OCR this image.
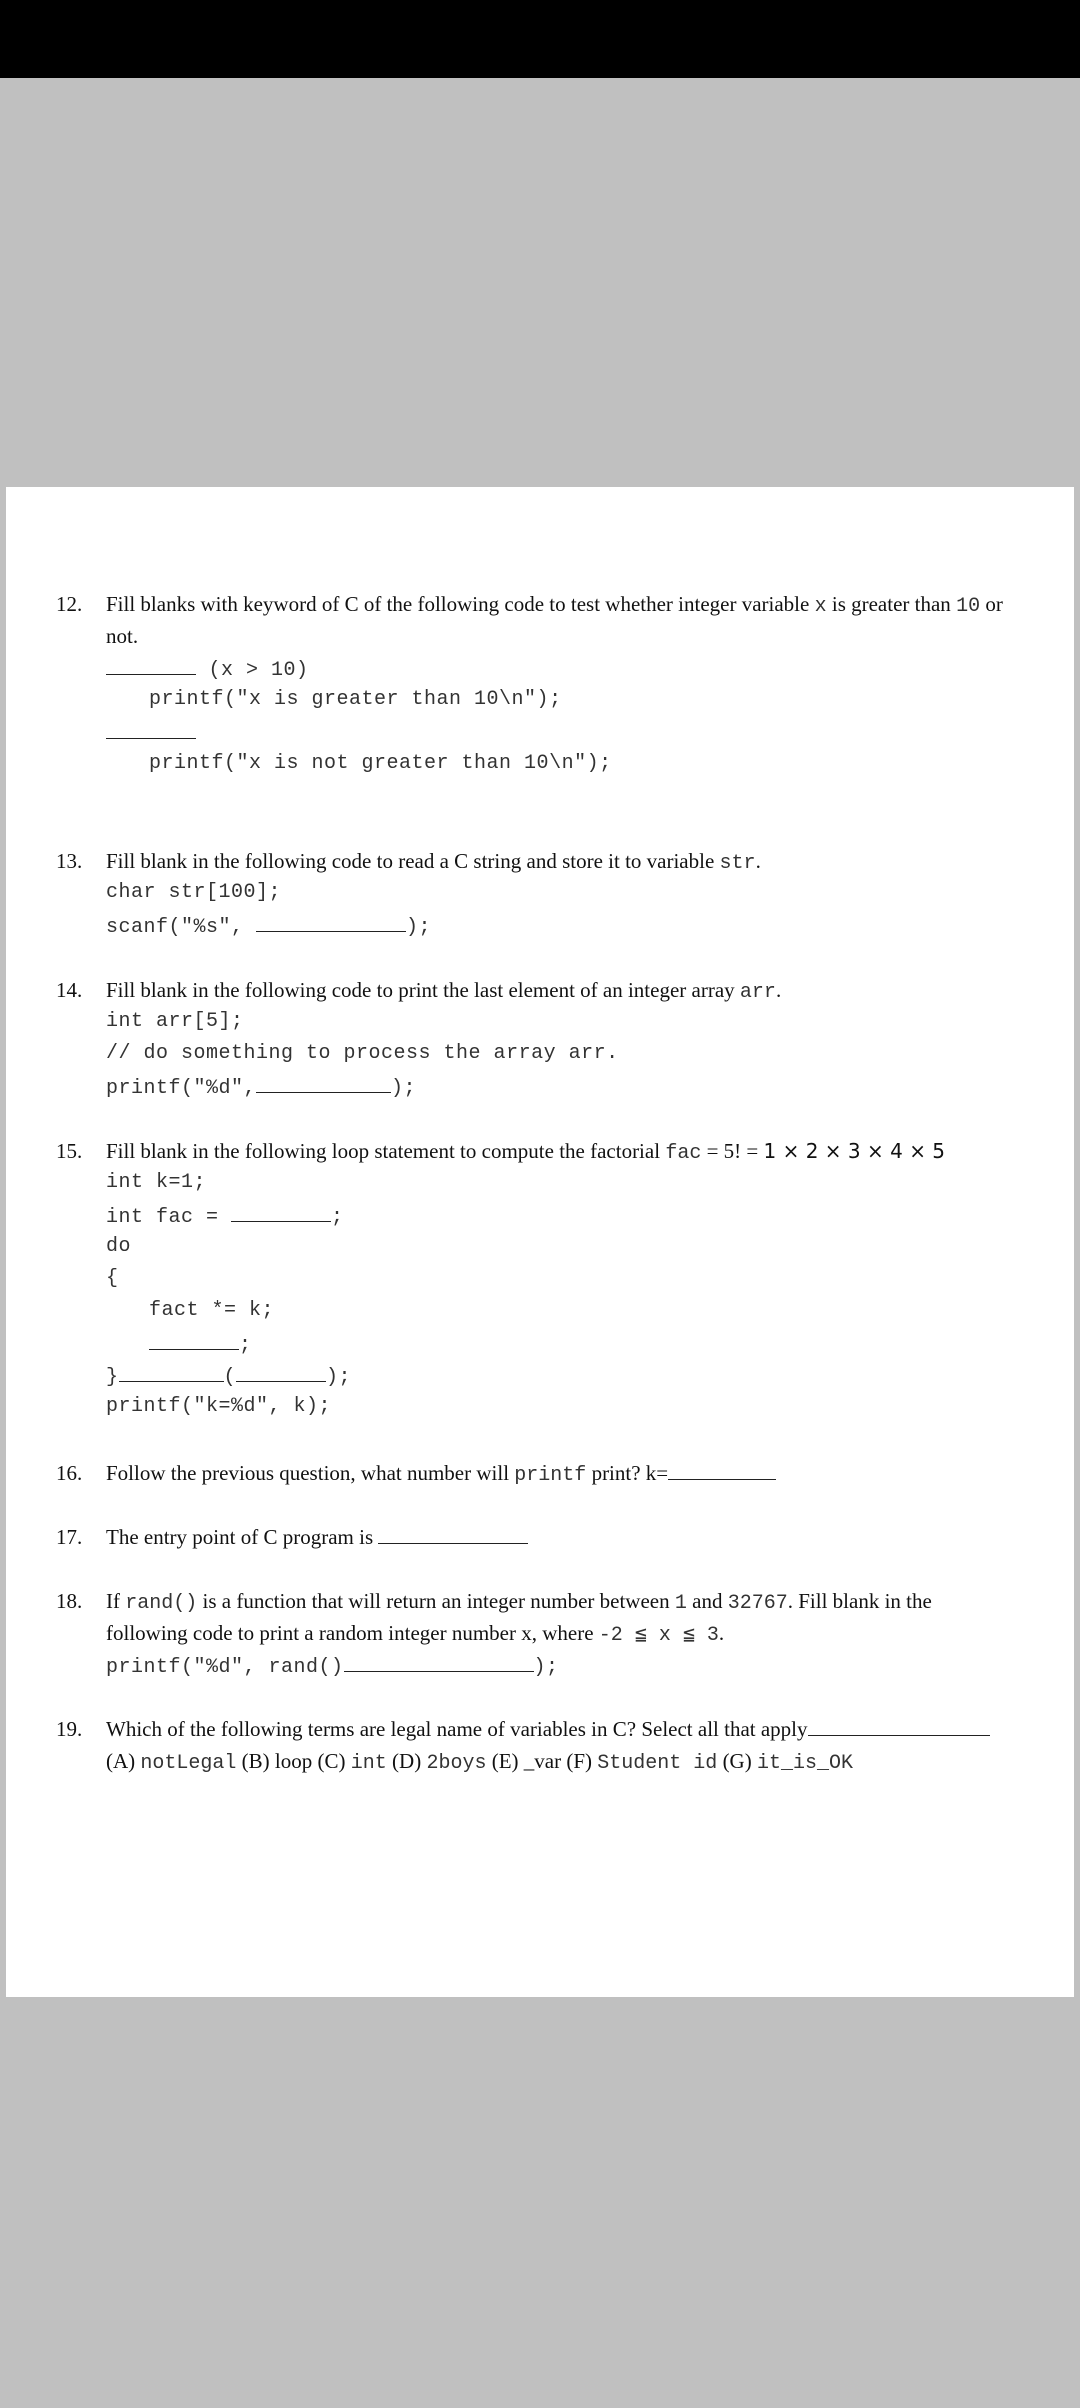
12.	Fill blanks with keyword of C of the following code to test whether integer variable x is greater than 10 or
not.
(x > 10)
printf("x is greater than 10\n");
printf("x is not greater than 10\n");
13.	Fill blank in the following code to read a C string and store it to variable str.
char str[100];
scanf("%s",	);
14.	Fill blank in the following code to print the last element of an integer array arr.
int arr[5];
// do something to process the array arr.
printf("%d",	);
15.	Fill blank in the following loop statement to compute the factorial fac = 5! = 1 × 2 × 3 × 4 × 5
int k=1;
int fac =	;
do
{
fact *= k;
;
}	(	);
printf("k=%d", k);
16.	Follow the previous question, what number will printf print? k=
17.	The entry point of C program is
18.	If rand() is a function that will return an integer number between 1 and 32767. Fill blank in the
following code to print a random integer number x, where -2 ≦ x ≦ 3.
printf("%d", rand()	);
19.	Which of the following terms are legal name of variables in C? Select all that apply
(A) notLegal (B) loop (C) int (D) 2boys (E) _var (F) Student id (G) it_is_OK
